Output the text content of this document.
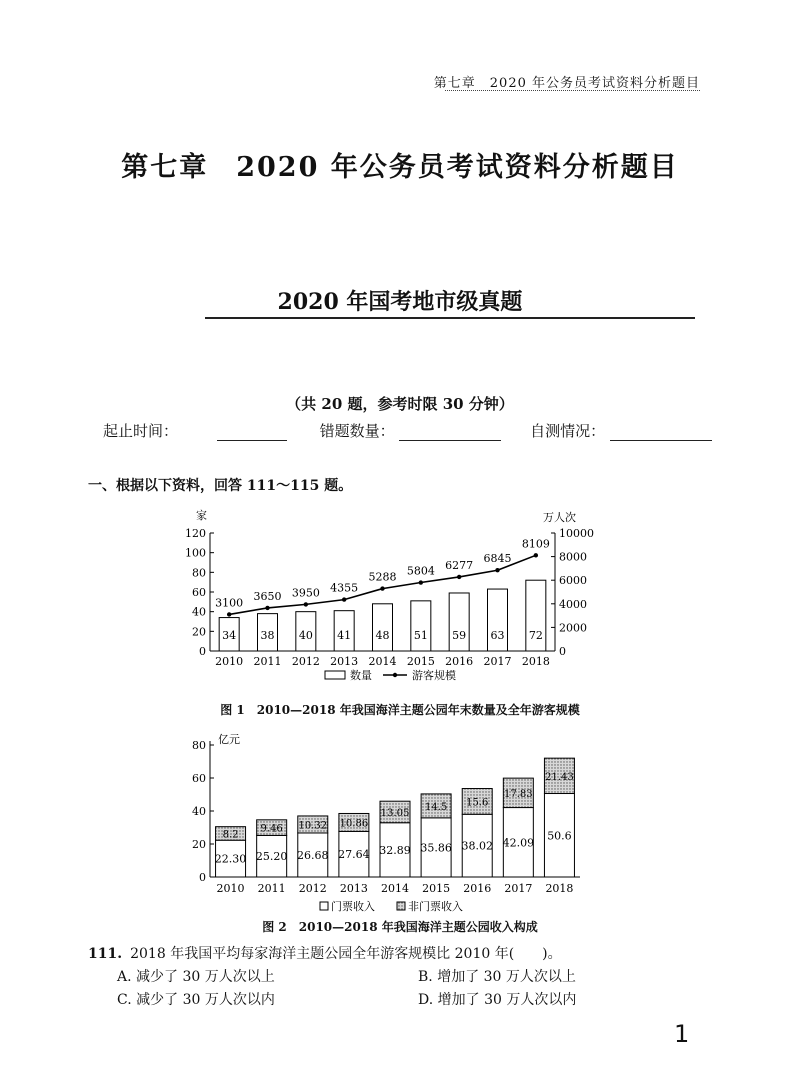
第七章　2020 年公务员考试资料分析题目
第七章 2020 年公务员考试资料分析题目
2020 年国考地市级真题
（共 20 题，参考时限 30 分钟）
起止时间：	错题数量：	自测情况：
一、根据以下资料，回答 111～115 题。
家	万人次
0
20
40
60
80
100
120
0
2000
4000
6000
8000
10000
34
2010
3100
38
2011
3650
40
2012
3950
41
2013
4355
48
2014
5288
51
2015
5804
59
2016
6277
63
2017
6845
72
2018
8109
数量	游客规模
图 1　2010—2018 年我国海洋主题公园年末数量及全年游客规模
亿元
0
20
40
60
80
22.30
8.2
2010
25.20
9.46
2011
26.68
10.32
2012
27.64
10.86
2013
32.89
13.05
2014
35.86
14.5
2015
38.02
15.6
2016
42.09
17.83
2017
50.6
21.43
2018
门票收入	非门票收入
图 2　2010—2018 年我国海洋主题公园收入构成
111. 2018 年我国平均每家海洋主题公园全年游客规模比 2010 年(　　)。
A. 减少了 30 万人次以上	B. 增加了 30 万人次以上
C. 减少了 30 万人次以内	D. 增加了 30 万人次以内
1
